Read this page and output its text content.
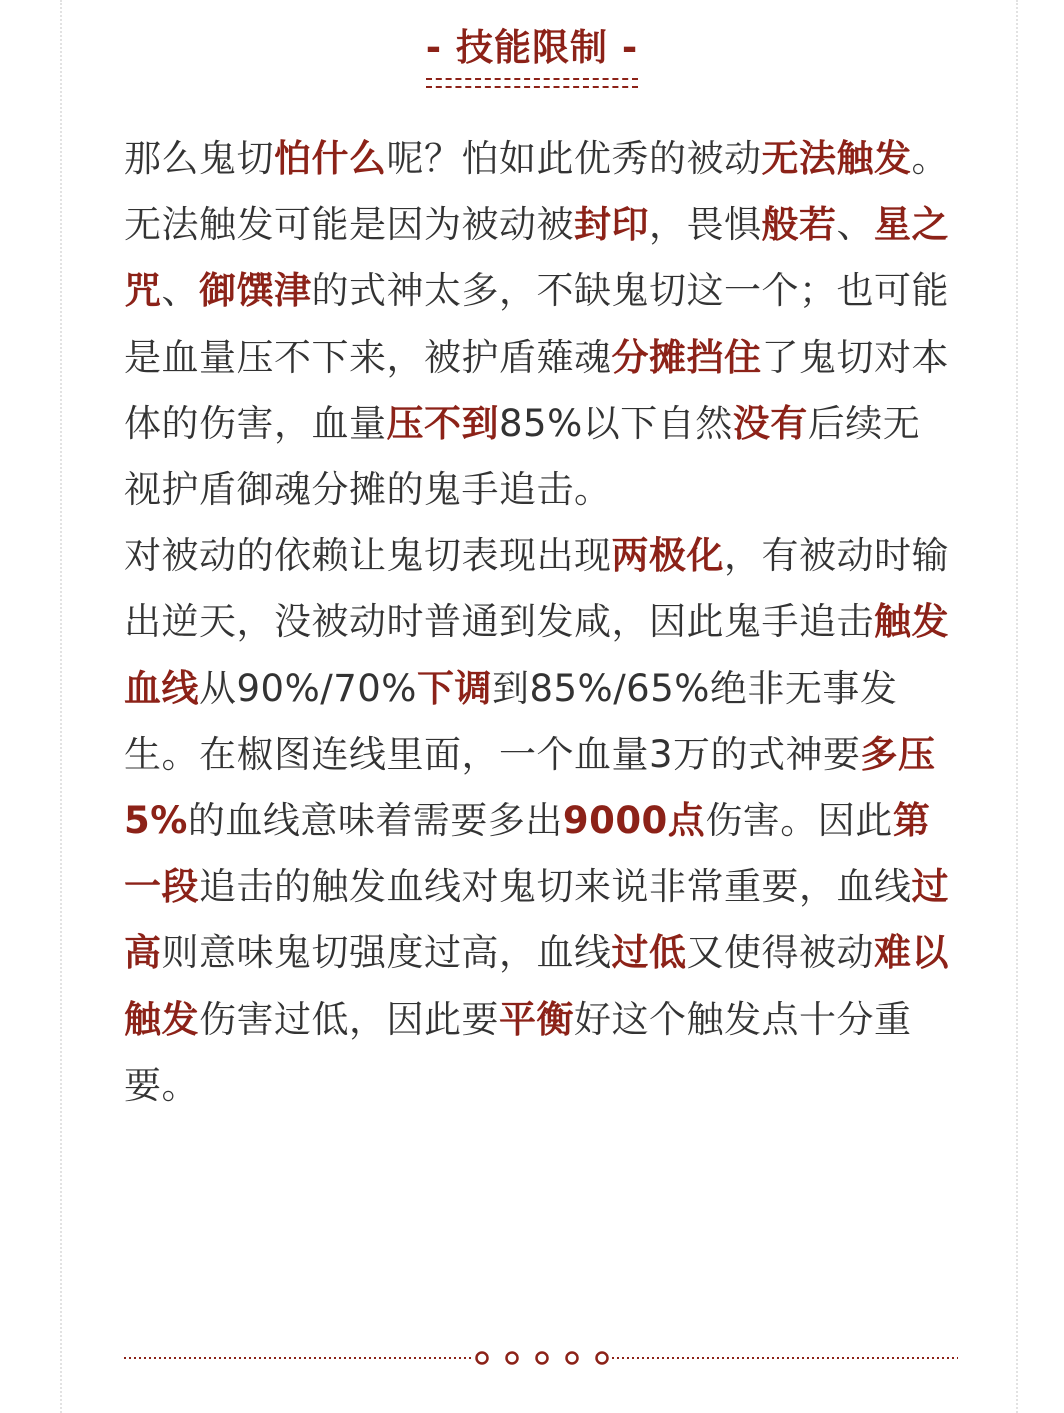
- 技能限制 -

那么鬼切怕什么呢？怕如此优秀的被动无法触发。

无法触发可能是因为被动被封印，畏惧般若、星之咒、御馔津的式神太多，不缺鬼切这一个；也可能是血量压不下来，被护盾薙魂分摊挡住了鬼切对本体的伤害，血量压不到85%以下自然没有后续无视护盾御魂分摊的鬼手追击。

对被动的依赖让鬼切表现出现两极化，有被动时输出逆天，没被动时普通到发咸，因此鬼手追击触发血线从90%/70%下调到85%/65%绝非无事发生。在椒图连线里面，一个血量3万的式神要多压5%的血线意味着需要多出9000点伤害。因此第一段追击的触发血线对鬼切来说非常重要，血线过高则意味鬼切强度过高，血线过低又使得被动难以触发伤害过低，因此要平衡好这个触发点十分重要。
